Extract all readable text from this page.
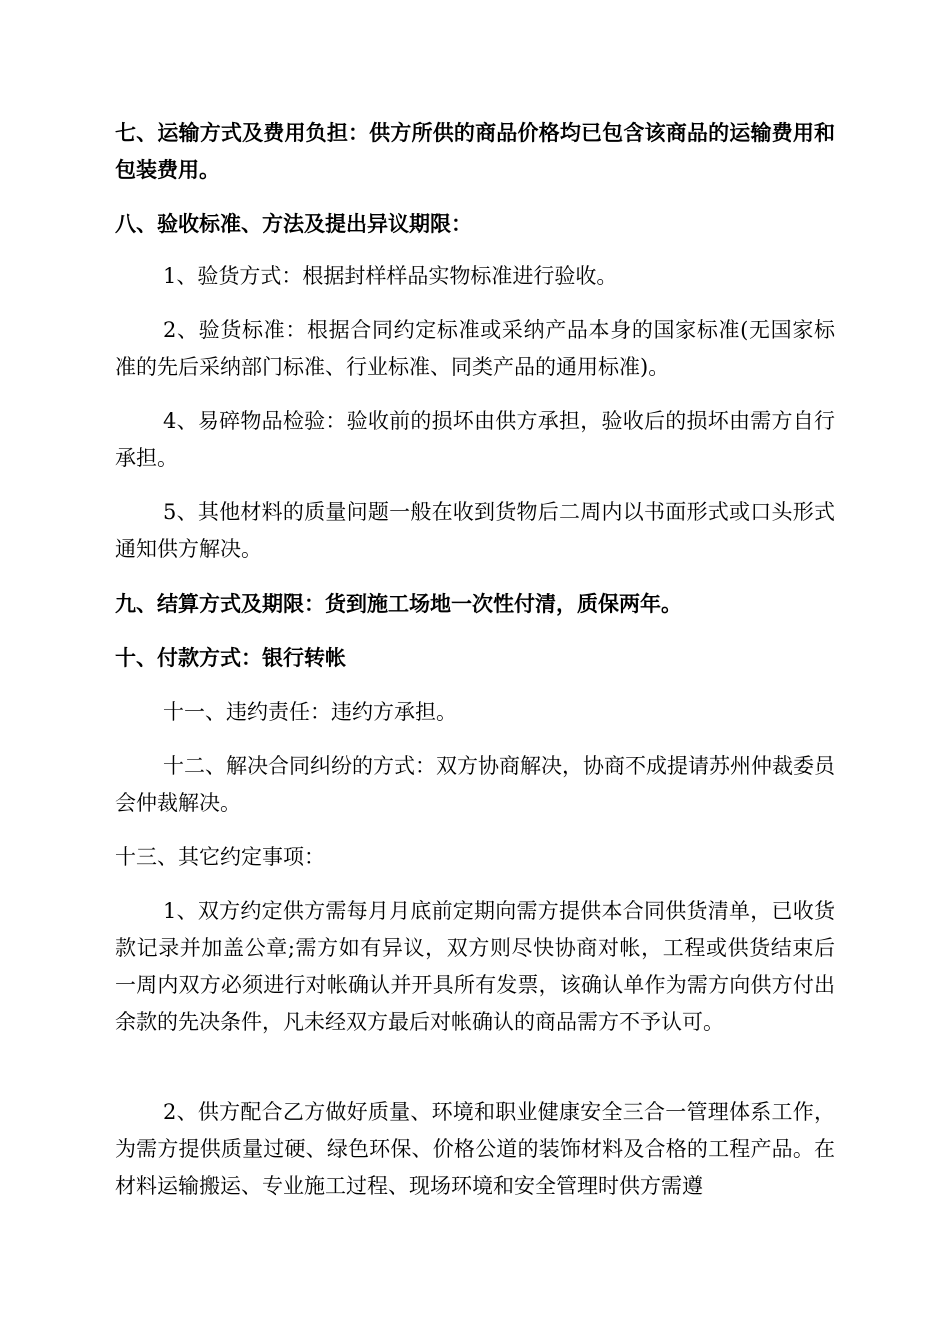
七、运输方式及费用负担：供方所供的商品价格均已包含该商品的运输费用和包装费用。

八、验收标准、方法及提出异议期限：

1、验货方式：根据封样样品实物标准进行验收。

2、验货标准：根据合同约定标准或采纳产品本身的国家标准(无国家标准的先后采纳部门标准、行业标准、同类产品的通用标准)。

4、易碎物品检验：验收前的损坏由供方承担，验收后的损坏由需方自行承担。

5、其他材料的质量问题一般在收到货物后二周内以书面形式或口头形式通知供方解决。

九、结算方式及期限：货到施工场地一次性付清，质保两年。

十、付款方式：银行转帐

十一、违约责任：违约方承担。

十二、解决合同纠纷的方式：双方协商解决，协商不成提请苏州仲裁委员会仲裁解决。

十三、其它约定事项：

1、双方约定供方需每月月底前定期向需方提供本合同供货清单，已收货款记录并加盖公章;需方如有异议，双方则尽快协商对帐，工程或供货结束后一周内双方必须进行对帐确认并开具所有发票，该确认单作为需方向供方付出余款的先决条件，凡未经双方最后对帐确认的商品需方不予认可。

2、供方配合乙方做好质量、环境和职业健康安全三合一管理体系工作，为需方提供质量过硬、绿色环保、价格公道的装饰材料及合格的工程产品。在材料运输搬运、专业施工过程、现场环境和安全管理时供方需遵
